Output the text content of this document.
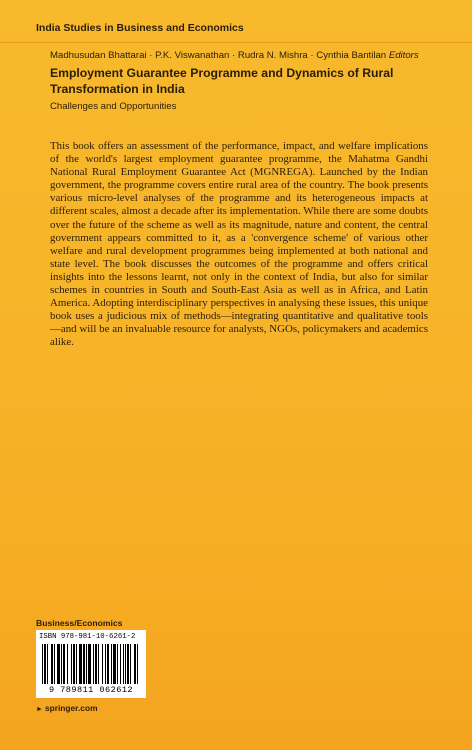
India Studies in Business and Economics
Madhusudan Bhattarai · P.K. Viswanathan · Rudra N. Mishra · Cynthia Bantilan Editors
Employment Guarantee Programme and Dynamics of Rural Transformation in India
Challenges and Opportunities
This book offers an assessment of the performance, impact, and welfare implications of the world's largest employment guarantee programme, the Mahatma Gandhi National Rural Employment Guarantee Act (MGNREGA). Launched by the Indian government, the programme covers entire rural area of the country. The book presents various micro-level analyses of the programme and its heterogeneous impacts at different scales, almost a decade after its implementation. While there are some doubts over the future of the scheme as well as its magnitude, nature and content, the central government appears committed to it, as a 'convergence scheme' of various other welfare and rural development programmes being implemented at both national and state level. The book discusses the outcomes of the programme and offers critical insights into the lessons learnt, not only in the context of India, but also for similar schemes in countries in South and South-East Asia as well as in Africa, and Latin America. Adopting interdisciplinary perspectives in analysing these issues, this unique book uses a judicious mix of methods—integrating quantitative and qualitative tools—and will be an invaluable resource for analysts, NGOs, policymakers and academics alike.
Business/Economics
ISBN 978-981-10-6261-2
9 789811 062612
► springer.com
